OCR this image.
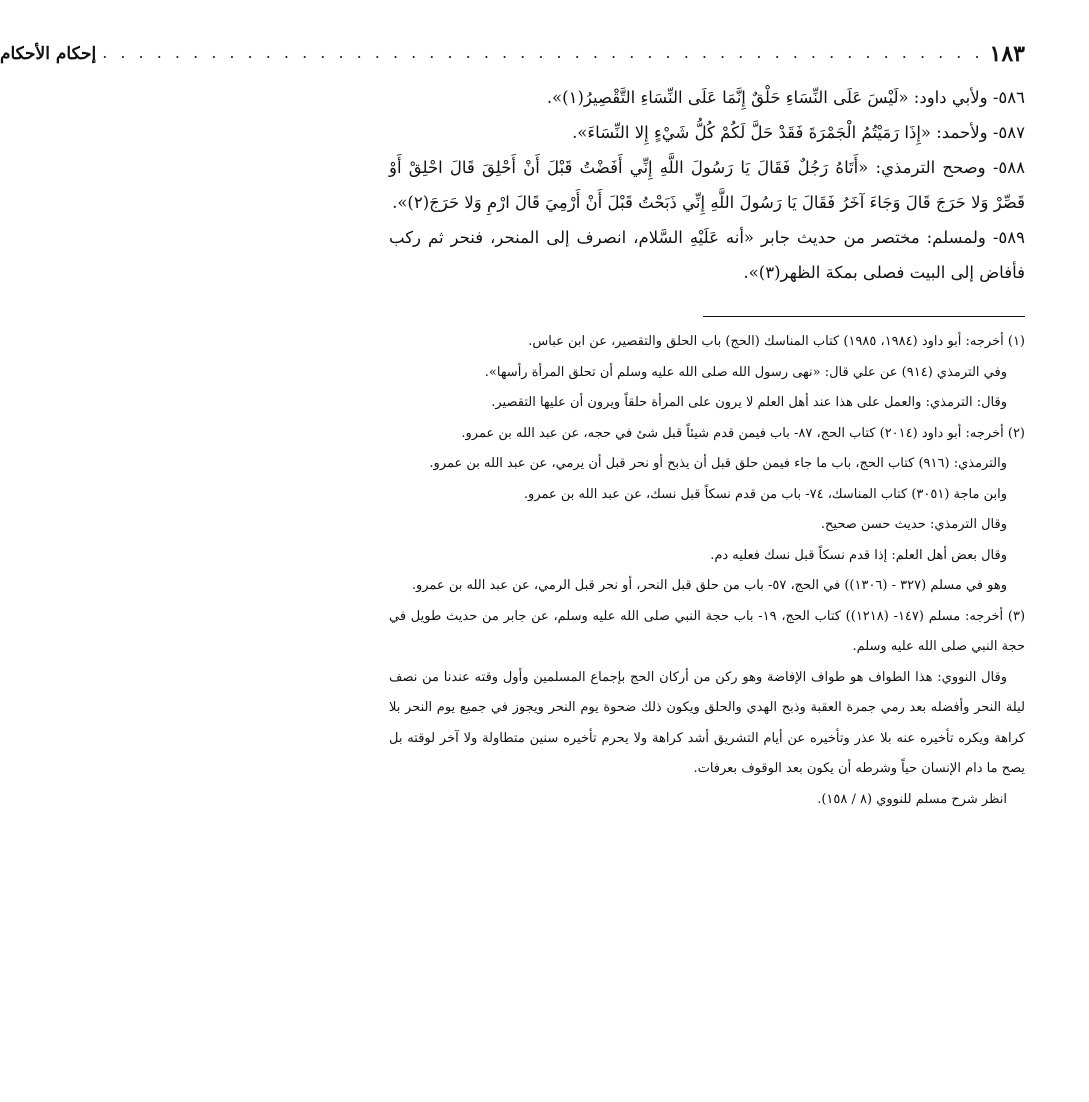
١٨٣
. . . . . . . . . . . . . . . . . . . . . . . . . . . . . . . . . . . . . . . . . . . . . . . . .
إحكام الأحكام

٥٨٦- ولأبي داود: «لَيْسَ عَلَى النِّسَاءِ حَلْقٌ إِنَّمَا عَلَى النِّسَاءِ التَّقْصِيرُ(١)».

٥٨٧- ولأحمد: «إِذَا رَمَيْتُمُ الْجَمْرَةَ فَقَدْ حَلَّ لَكُمْ كُلُّ شَيْءٍ إِلا النِّسَاءَ».

٥٨٨- وصحح الترمذي: «أَتَاهُ رَجُلٌ فَقَالَ يَا رَسُولَ اللَّهِ إِنِّي أَفَضْتُ قَبْلَ أَنْ أَحْلِقَ قَالَ احْلِقْ أَوْ قَصِّرْ وَلا حَرَجَ قَالَ وَجَاءَ آخَرُ فَقَالَ يَا رَسُولَ اللَّهِ إِنِّي ذَبَحْتُ قَبْلَ أَنْ أَرْمِيَ قَالَ ارْمِ وَلا حَرَجَ(٢)».

٥٨٩- ولمسلم: مختصر من حديث جابر «أنه عَلَيْهِ السَّلام، انصرف إلى المنحر، فنحر ثم ركب فأفاض إلى البيت فصلى بمكة الظهر(٣)».

(١) أخرجه: أبو داود (١٩٨٤، ١٩٨٥) كتاب المناسك (الحج) باب الحلق والتقصير، عن ابن عباس.

وفي الترمذي (٩١٤) عن علي قال: «نهى رسول الله صلى الله عليه وسلم أن تحلق المرأة رأسها».

وقال: الترمذي: والعمل على هذا عند أهل العلم لا يرون على المرأة حلقاً ويرون أن عليها التقصير.

(٢) أخرجه: أبو داود (٢٠١٤) كتاب الحج، ٨٧- باب فيمن قدم شيئاً قبل شئ في حجه، عن عبد الله بن عمرو.

والترمذي: (٩١٦) كتاب الحج، باب ما جاء فيمن حلق قبل أن يذبح أو نحر قبل أن يرمي، عن عبد الله بن عمرو.

وابن ماجة (٣٠٥١) كتاب المناسك، ٧٤- باب من قدم نسكاً قبل نسك، عن عبد الله بن عمرو.

وقال الترمذي: حديث حسن صحيح.

وقال بعض أهل العلم: إذا قدم نسكاً قبل نسك فعليه دم.

وهو في مسلم (٣٢٧ - (١٣٠٦)) في الحج، ٥٧- باب من حلق قبل النحر، أو نحر قبل الرمي، عن عبد الله بن عمرو.

(٣) أخرجه: مسلم (١٤٧- (١٢١٨)) كتاب الحج، ١٩- باب حجة النبي صلى الله عليه وسلم، عن جابر من حديث طويل في حجة النبي صلى الله عليه وسلم.

وقال النووي: هذا الطواف هو طواف الإفاضة وهو ركن من أركان الحج بإجماع المسلمين وأول وقته عندنا من نصف ليلة النحر وأفضله بعد رمي جمرة العقبة وذبح الهدي والحلق ويكون ذلك ضحوة يوم النحر ويجوز في جميع يوم النحر بلا كراهة ويكره تأخيره عنه بلا عذر وتأخيره عن أيام التشريق أشد كراهة ولا يحرم تأخيره سنين متطاولة ولا آخر لوقته بل يصح ما دام الإنسان حياً وشرطه أن يكون بعد الوقوف بعرفات.

انظر شرح مسلم للنووي (٨ / ١٥٨).
